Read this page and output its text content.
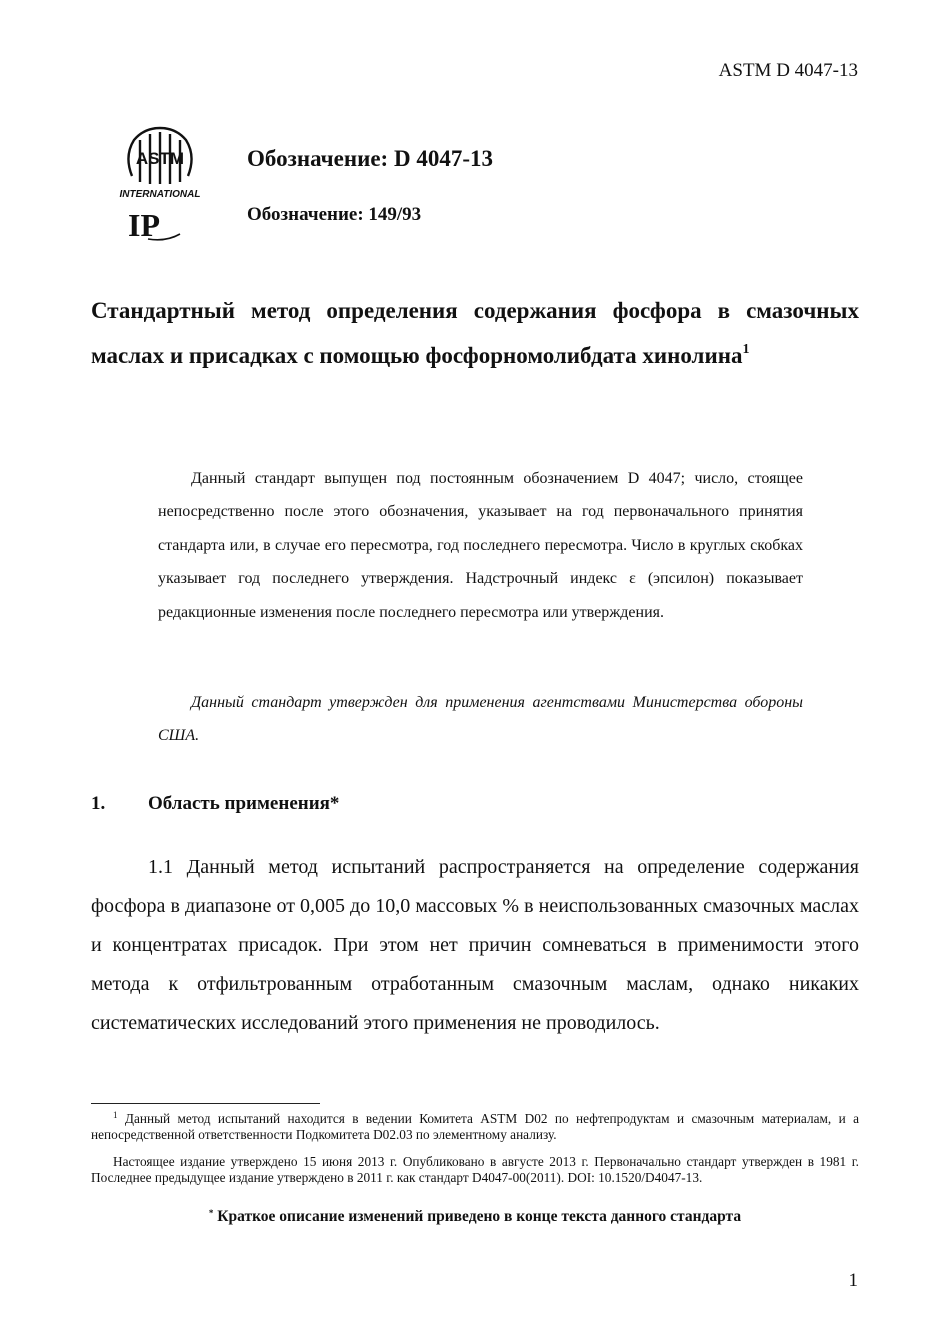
ASTM D 4047-13
ASTM
INTERNATIONAL
IP
Обозначение: D 4047-13
Обозначение: 149/93
Стандартный метод определения содержания фосфора в смазочных маслах и присадках с помощью фосфорномолибдата хинолина$^1$
Данный стандарт выпущен под постоянным обозначением D 4047; число, стоящее непосредственно после этого обозначения, указывает на год первоначального принятия стандарта или, в случае его пересмотра, год последнего пересмотра. Число в круглых скобках указывает год последнего утверждения. Надстрочный индекс ε (эпсилон) показывает редакционные изменения после последнего пересмотра или утверждения.
Данный стандарт утвержден для применения агентствами Министерства обороны США.
1. Область применения*
1.1 Данный метод испытаний распространяется на определение содержания фосфора в диапазоне от 0,005 до 10,0 массовых % в неиспользованных смазочных маслах и концентратах присадок. При этом нет причин сомневаться в применимости этого метода к отфильтрованным отработанным смазочным маслам, однако никаких систематических исследований этого применения не проводилось.
$^1$ Данный метод испытаний находится в ведении Комитета ASTM D02 по нефтепродуктам и смазочным материалам, и а непосредственной ответственности Подкомитета D02.03 по элементному анализу.
Настоящее издание утверждено 15 июня 2013 г. Опубликовано в августе 2013 г. Первоначально стандарт утвержден в 1981 г. Последнее предыдущее издание утверждено в 2011 г. как стандарт D4047-00(2011). DOI: 10.1520/D4047-13.
* Краткое описание изменений приведено в конце текста данного стандарта
1
